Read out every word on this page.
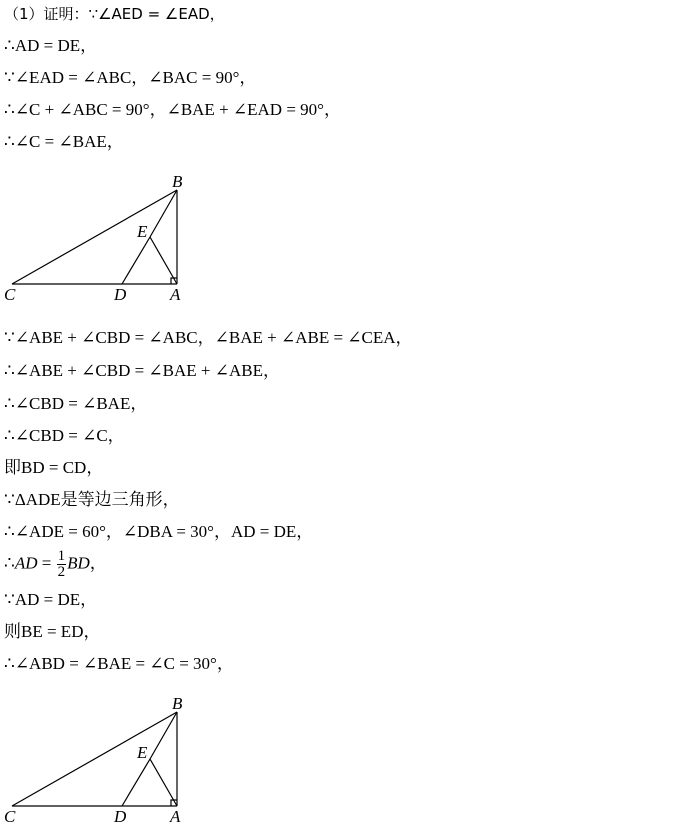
（1）证明：∵∠AED = ∠EAD，
∴AD = DE，
∵∠EAD = ∠ABC，∠BAC = 90°，
∴∠C + ∠ABC = 90°，∠BAE + ∠EAD = 90°，
∴∠C = ∠BAE，
B
E
C	D	A
∵∠ABE + ∠CBD = ∠ABC，∠BAE + ∠ABE = ∠CEA，
∴∠ABE + ∠CBD = ∠BAE + ∠ABE，
∴∠CBD = ∠BAE，
∴∠CBD = ∠C，
即BD = CD，
∵ΔADE是等边三角形，
∴∠ADE = 60°，∠DBA = 30°，AD = DE，
∴AD = $\frac{1}{2}$ BD，
∵AD = DE，
则BE = ED，
∴∠ABD = ∠BAE = ∠C = 30°，
B
E
C	D	A
